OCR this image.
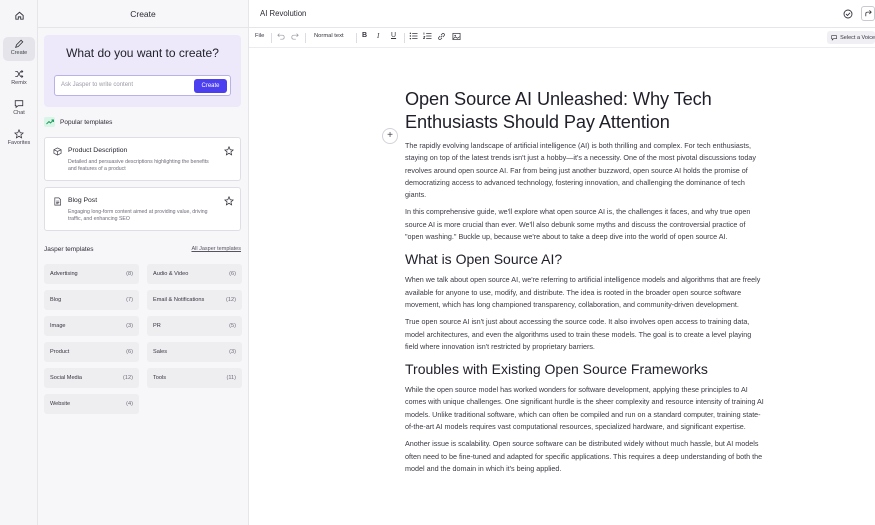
Create
Remix
Chat
Favorites
Create
What do you want to create?
Ask Jasper to write content	Create
Popular templates
Product Description
Detailed and persuasive descriptions highlighting the benefits and features of a product
Blog Post
Engaging long-form content aimed at providing value, driving traffic, and enhancing SEO
Jasper templates	All Jasper templates
Advertising	(8)	Audio & Video	(6)
Blog	(7)	Email & Notifications	(12)
Image	(3)	PR	(5)
Product	(6)	Sales	(3)
Social Media	(12)	Tools	(11)
Website	(4)
AI Revolution
File	Normal text	B I U	Select a Voice
+
Open Source AI Unleashed: Why Tech Enthusiasts Should Pay Attention

The rapidly evolving landscape of artificial intelligence (AI) is both thrilling and complex. For tech enthusiasts, staying on top of the latest trends isn't just a hobby—it's a necessity. One of the most pivotal discussions today revolves around open source AI. Far from being just another buzzword, open source AI holds the promise of democratizing access to advanced technology, fostering innovation, and challenging the dominance of tech giants.

In this comprehensive guide, we'll explore what open source AI is, the challenges it faces, and why true open source AI is more crucial than ever. We'll also debunk some myths and discuss the controversial practice of "open washing." Buckle up, because we're about to take a deep dive into the world of open source AI.

What is Open Source AI?

When we talk about open source AI, we're referring to artificial intelligence models and algorithms that are freely available for anyone to use, modify, and distribute. The idea is rooted in the broader open source software movement, which has long championed transparency, collaboration, and community-driven development.

True open source AI isn't just about accessing the source code. It also involves open access to training data, model architectures, and even the algorithms used to train these models. The goal is to create a level playing field where innovation isn't restricted by proprietary barriers.

Troubles with Existing Open Source Frameworks

While the open source model has worked wonders for software development, applying these principles to AI comes with unique challenges. One significant hurdle is the sheer complexity and resource intensity of training AI models. Unlike traditional software, which can often be compiled and run on a standard computer, training state-of-the-art AI models requires vast computational resources, specialized hardware, and significant expertise.

Another issue is scalability. Open source software can be distributed widely without much hassle, but AI models often need to be fine-tuned and adapted for specific applications. This requires a deep understanding of both the model and the domain in which it's being applied.
